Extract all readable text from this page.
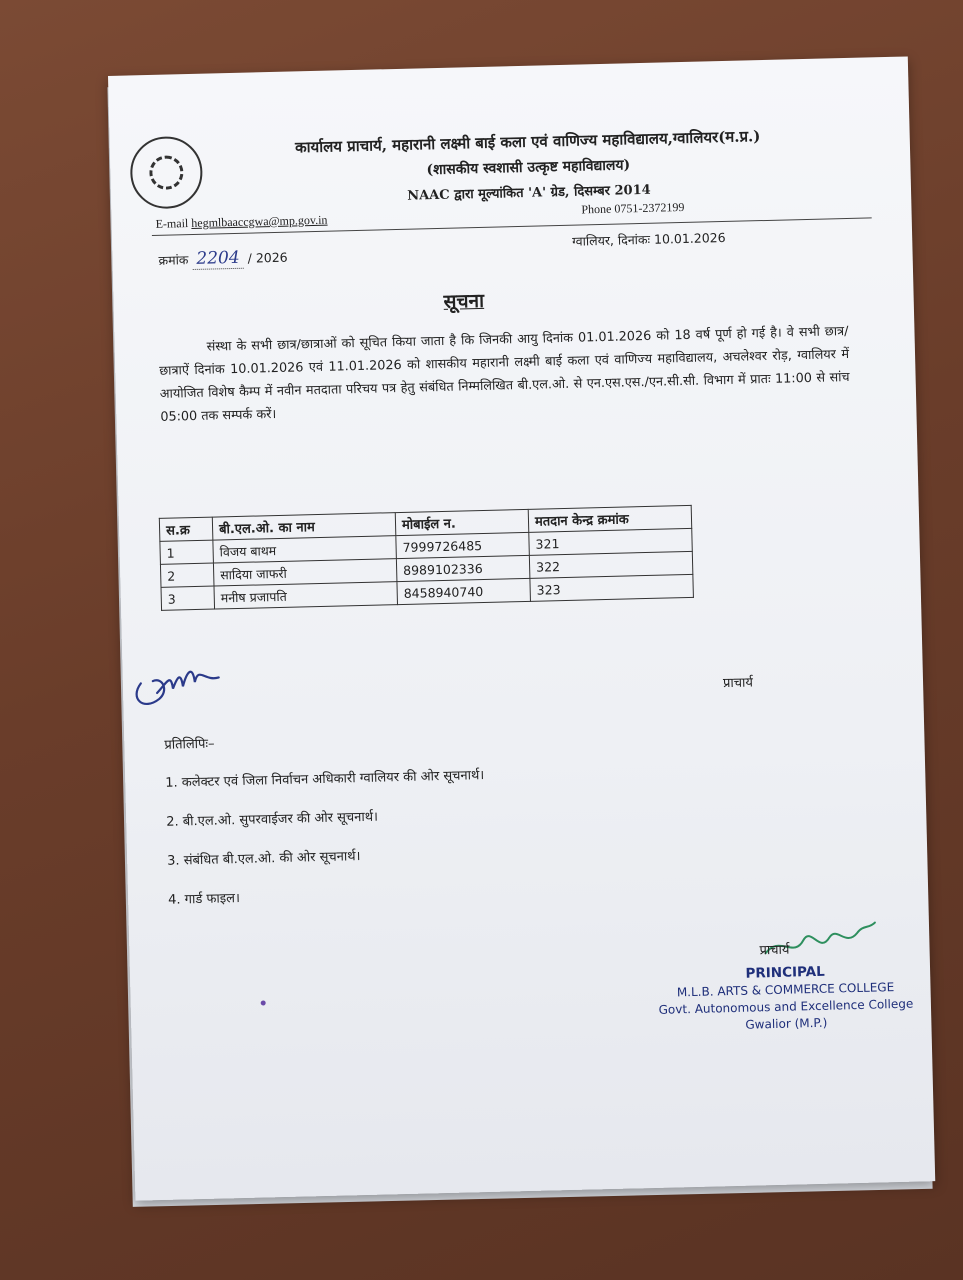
कार्यालय प्राचार्य, महारानी लक्ष्मी बाई कला एवं वाणिज्य महाविद्यालय,ग्वालियर(म.प्र.)
(शासकीय स्वशासी उत्कृष्ट महाविद्यालय)
NAAC द्वारा मूल्यांकित 'A' ग्रेड, दिसम्बर 2014
E-mail hegmlbaaccgwa@mp.gov.in
Phone 0751-2372199
क्रमांक 2204 / 2026
ग्वालियर, दिनांकः 10.01.2026
सूचना
संस्था के सभी छात्र/छात्राओं को सूचित किया जाता है कि जिनकी आयु दिनांक 01.01.2026 को 18 वर्ष पूर्ण हो गई है। वे सभी छात्र/छात्राऐं दिनांक 10.01.2026 एवं 11.01.2026 को शासकीय महारानी लक्ष्मी बाई कला एवं वाणिज्य महाविद्यालय, अचलेश्वर रोड़, ग्वालियर में आयोजित विशेष कैम्प में नवीन मतदाता परिचय पत्र हेतु संबंधित निम्मलिखित बी.एल.ओ. से एन.एस.एस./एन.सी.सी. विभाग में प्रातः 11:00 से सांच 05:00 तक सम्पर्क करें।
स.क्र	बी.एल.ओ. का नाम	मोबाईल न.	मतदान केन्द्र क्रमांक
1	विजय बाथम	7999726485	321
2	सादिया जाफरी	8989102336	322
3	मनीष प्रजापति	8458940740	323
प्राचार्य
प्रतिलिपिः–
1. कलेक्टर एवं जिला निर्वाचन अधिकारी ग्वालियर की ओर सूचनार्थ।
2. बी.एल.ओ. सुपरवाईजर की ओर सूचनार्थ।
3. संबंधित बी.एल.ओ. की ओर सूचनार्थ।
4. गार्ड फाइल।
प्राचार्य
PRINCIPAL
M.L.B. ARTS & COMMERCE COLLEGE
Govt. Autonomous and Excellence College
Gwalior (M.P.)
